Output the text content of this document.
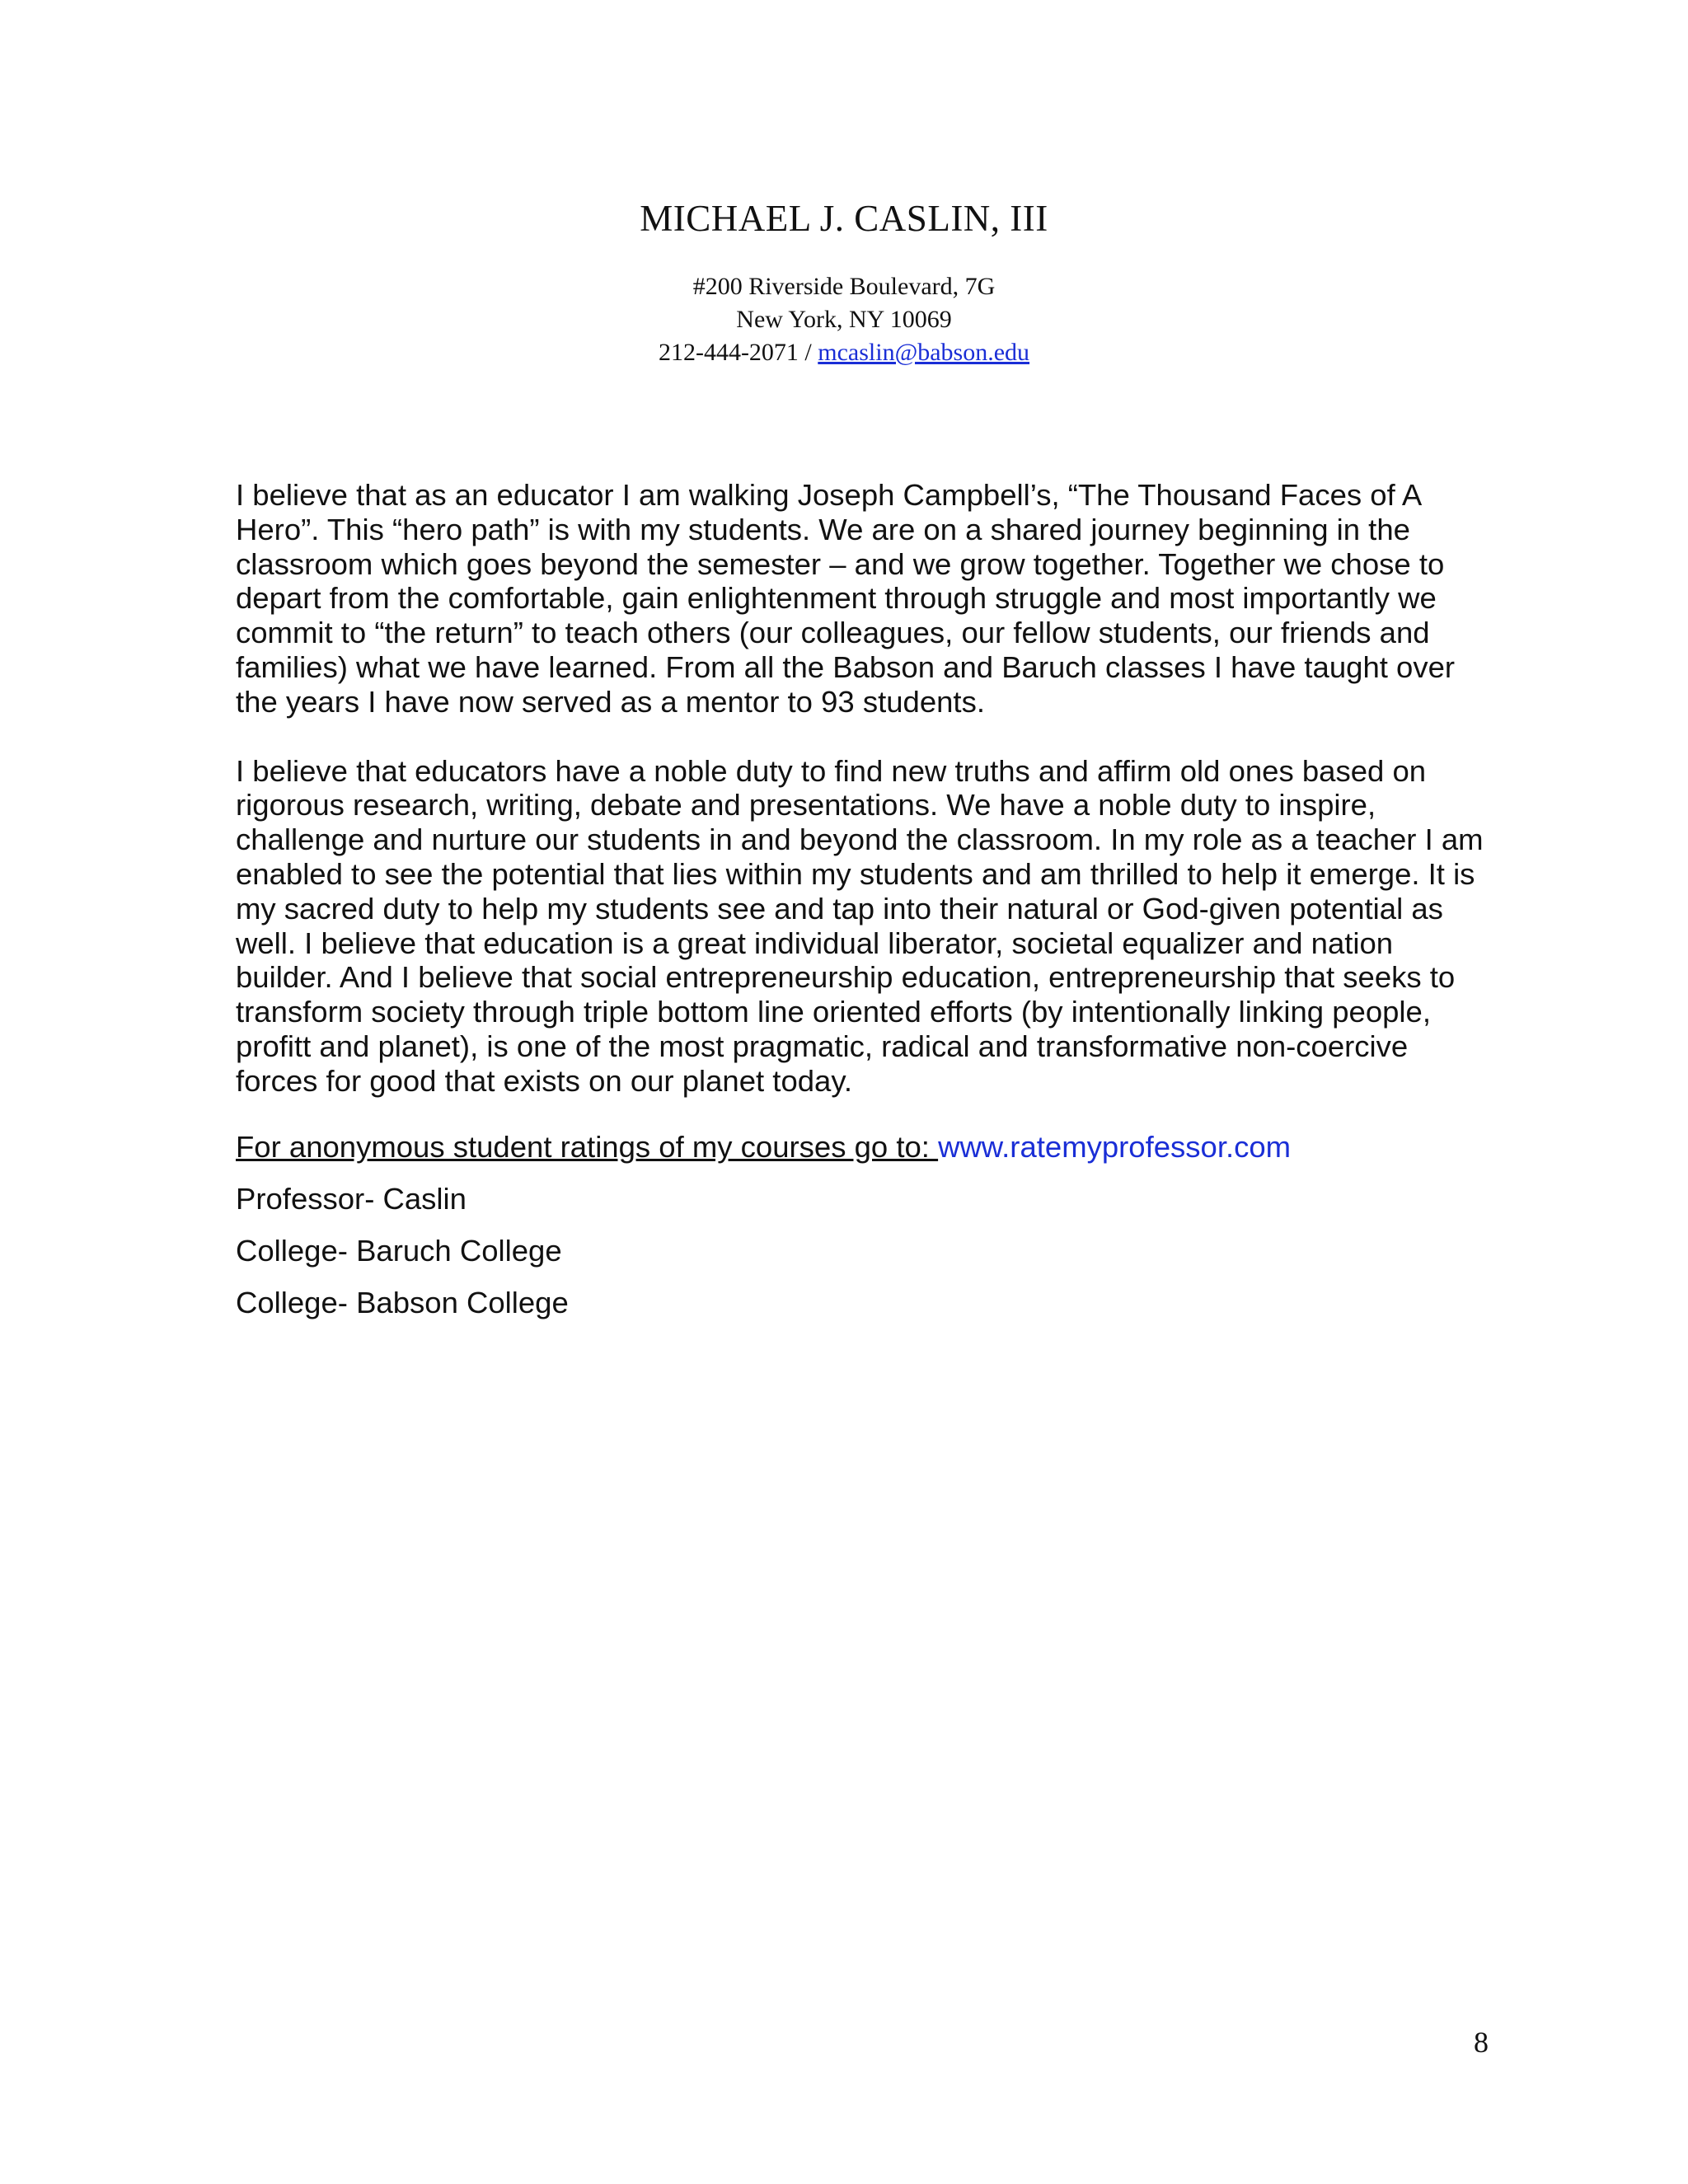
MICHAEL J. CASLIN, III
#200 Riverside Boulevard, 7G
New York, NY 10069
212-444-2071 / mcaslin@babson.edu

I believe that as an educator I am walking Joseph Campbell’s, “The Thousand Faces of A Hero”. This “hero path” is with my students. We are on a shared journey beginning in the classroom which goes beyond the semester – and we grow together. Together we chose to depart from the comfortable, gain enlightenment through struggle and most importantly we commit to “the return” to teach others (our colleagues, our fellow students, our friends and families) what we have learned. From all the Babson and Baruch classes I have taught over the years I have now served as a mentor to 93 students.

I believe that educators have a noble duty to find new truths and affirm old ones based on rigorous research, writing, debate and presentations. We have a noble duty to inspire, challenge and nurture our students in and beyond the classroom. In my role as a teacher I am enabled to see the potential that lies within my students and am thrilled to help it emerge. It is my sacred duty to help my students see and tap into their natural or God-given potential as well. I believe that education is a great individual liberator, societal equalizer and nation builder. And I believe that social entrepreneurship education, entrepreneurship that seeks to transform society through triple bottom line oriented efforts (by intentionally linking people, profitt and planet), is one of the most pragmatic, radical and transformative non-coercive forces for good that exists on our planet today.

For anonymous student ratings of my courses go to: www.ratemyprofessor.com

Professor- Caslin

College- Baruch College

College- Babson College

8
